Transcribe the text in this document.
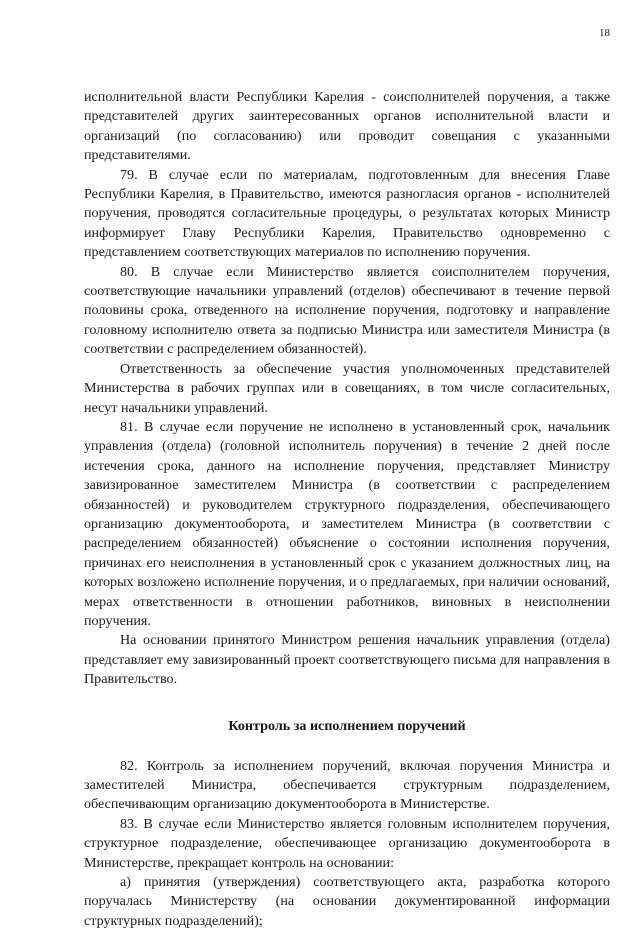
18

исполнительной власти Республики Карелия - соисполнителей поручения, а также представителей других заинтересованных органов исполнительной власти и организаций (по согласованию) или проводит совещания с указанными представителями.

79. В случае если по материалам, подготовленным для внесения Главе Республики Карелия, в Правительство, имеются разногласия органов - исполнителей поручения, проводятся согласительные процедуры, о результатах которых Министр информирует Главу Республики Карелия, Правительство одновременно с представлением соответствующих материалов по исполнению поручения.

80. В случае если Министерство является соисполнителем поручения, соответствующие начальники управлений (отделов) обеспечивают в течение первой половины срока, отведенного на исполнение поручения, подготовку и направление головному исполнителю ответа за подписью Министра или заместителя Министра (в соответствии с распределением обязанностей).

Ответственность за обеспечение участия уполномоченных представителей Министерства в рабочих группах или в совещаниях, в том числе согласительных, несут начальники управлений.

81. В случае если поручение не исполнено в установленный срок, начальник управления (отдела) (головной исполнитель поручения) в течение 2 дней после истечения срока, данного на исполнение поручения, представляет Министру завизированное заместителем Министра (в соответствии с распределением обязанностей) и руководителем структурного подразделения, обеспечивающего организацию документооборота, и заместителем Министра (в соответствии с распределением обязанностей) объяснение о состоянии исполнения поручения, причинах его неисполнения в установленный срок с указанием должностных лиц, на которых возложено исполнение поручения, и о предлагаемых, при наличии оснований, мерах ответственности в отношении работников, виновных в неисполнении поручения.

На основании принятого Министром решения начальник управления (отдела) представляет ему завизированный проект соответствующего письма для направления в Правительство.

Контроль за исполнением поручений

82. Контроль за исполнением поручений, включая поручения Министра и заместителей Министра, обеспечивается структурным подразделением, обеспечивающим организацию документооборота в Министерстве.

83. В случае если Министерство является головным исполнителем поручения, структурное подразделение, обеспечивающее организацию документооборота в Министерстве, прекращает контроль на основании:

а) принятия (утверждения) соответствующего акта, разработка которого поручалась Министерству (на основании документированной информации структурных подразделений);
